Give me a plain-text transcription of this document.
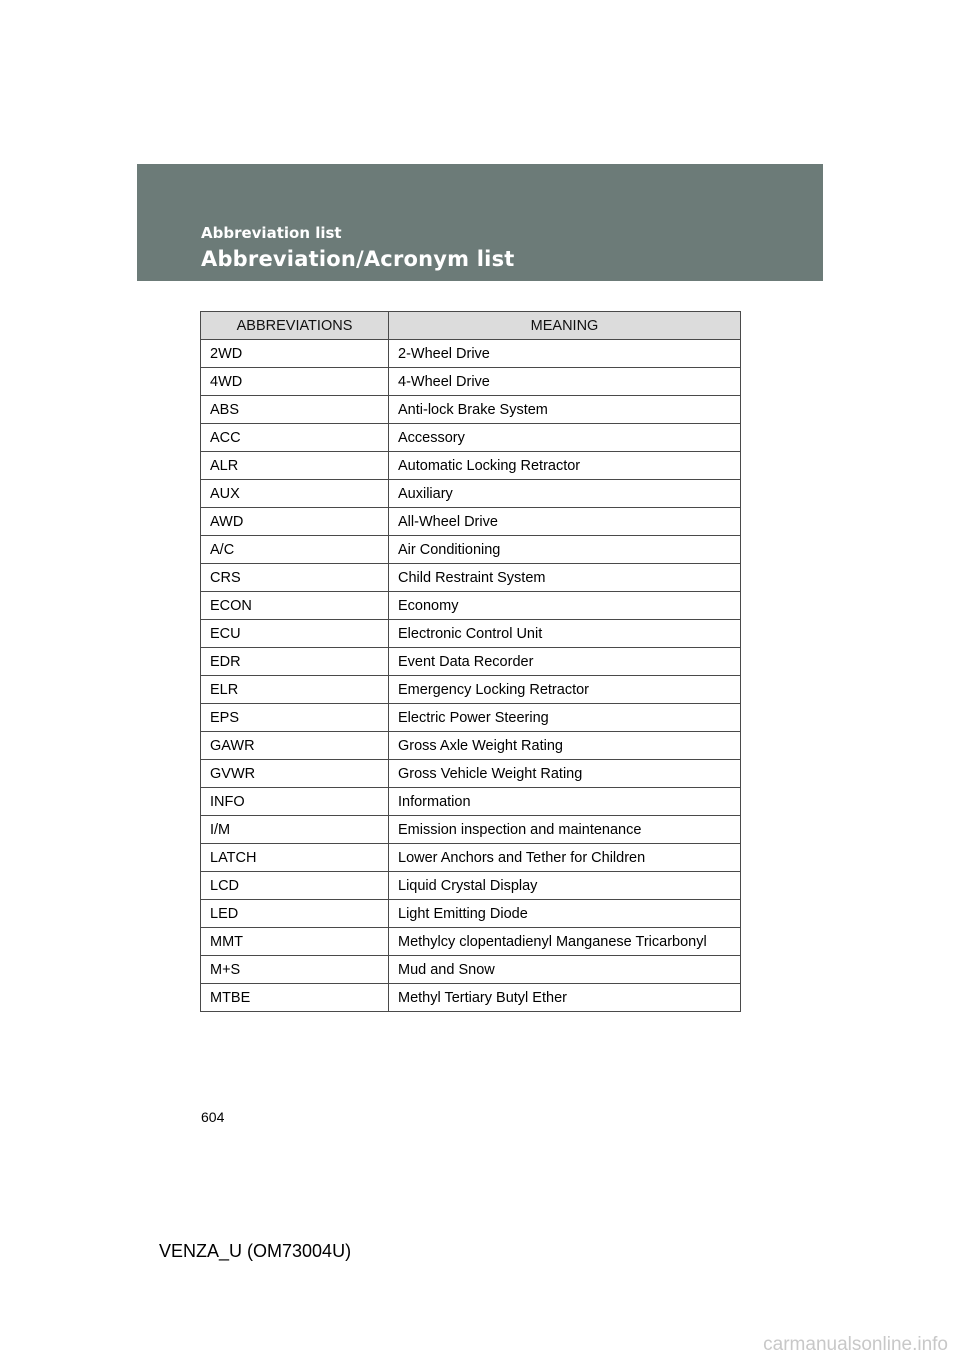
Abbreviation list
Abbreviation/Acronym list
ABBREVIATIONS	MEANING
2WD	2-Wheel Drive
4WD	4-Wheel Drive
ABS	Anti-lock Brake System
ACC	Accessory
ALR	Automatic Locking Retractor
AUX	Auxiliary
AWD	All-Wheel Drive
A/C	Air Conditioning
CRS	Child Restraint System
ECON	Economy
ECU	Electronic Control Unit
EDR	Event Data Recorder
ELR	Emergency Locking Retractor
EPS	Electric Power Steering
GAWR	Gross Axle Weight Rating
GVWR	Gross Vehicle Weight Rating
INFO	Information
I/M	Emission inspection and maintenance
LATCH	Lower Anchors and Tether for Children
LCD	Liquid Crystal Display
LED	Light Emitting Diode
MMT	Methylcy clopentadienyl Manganese Tricarbonyl
M+S	Mud and Snow
MTBE	Methyl Tertiary Butyl Ether
604
VENZA_U (OM73004U)
carmanualsonline.info
